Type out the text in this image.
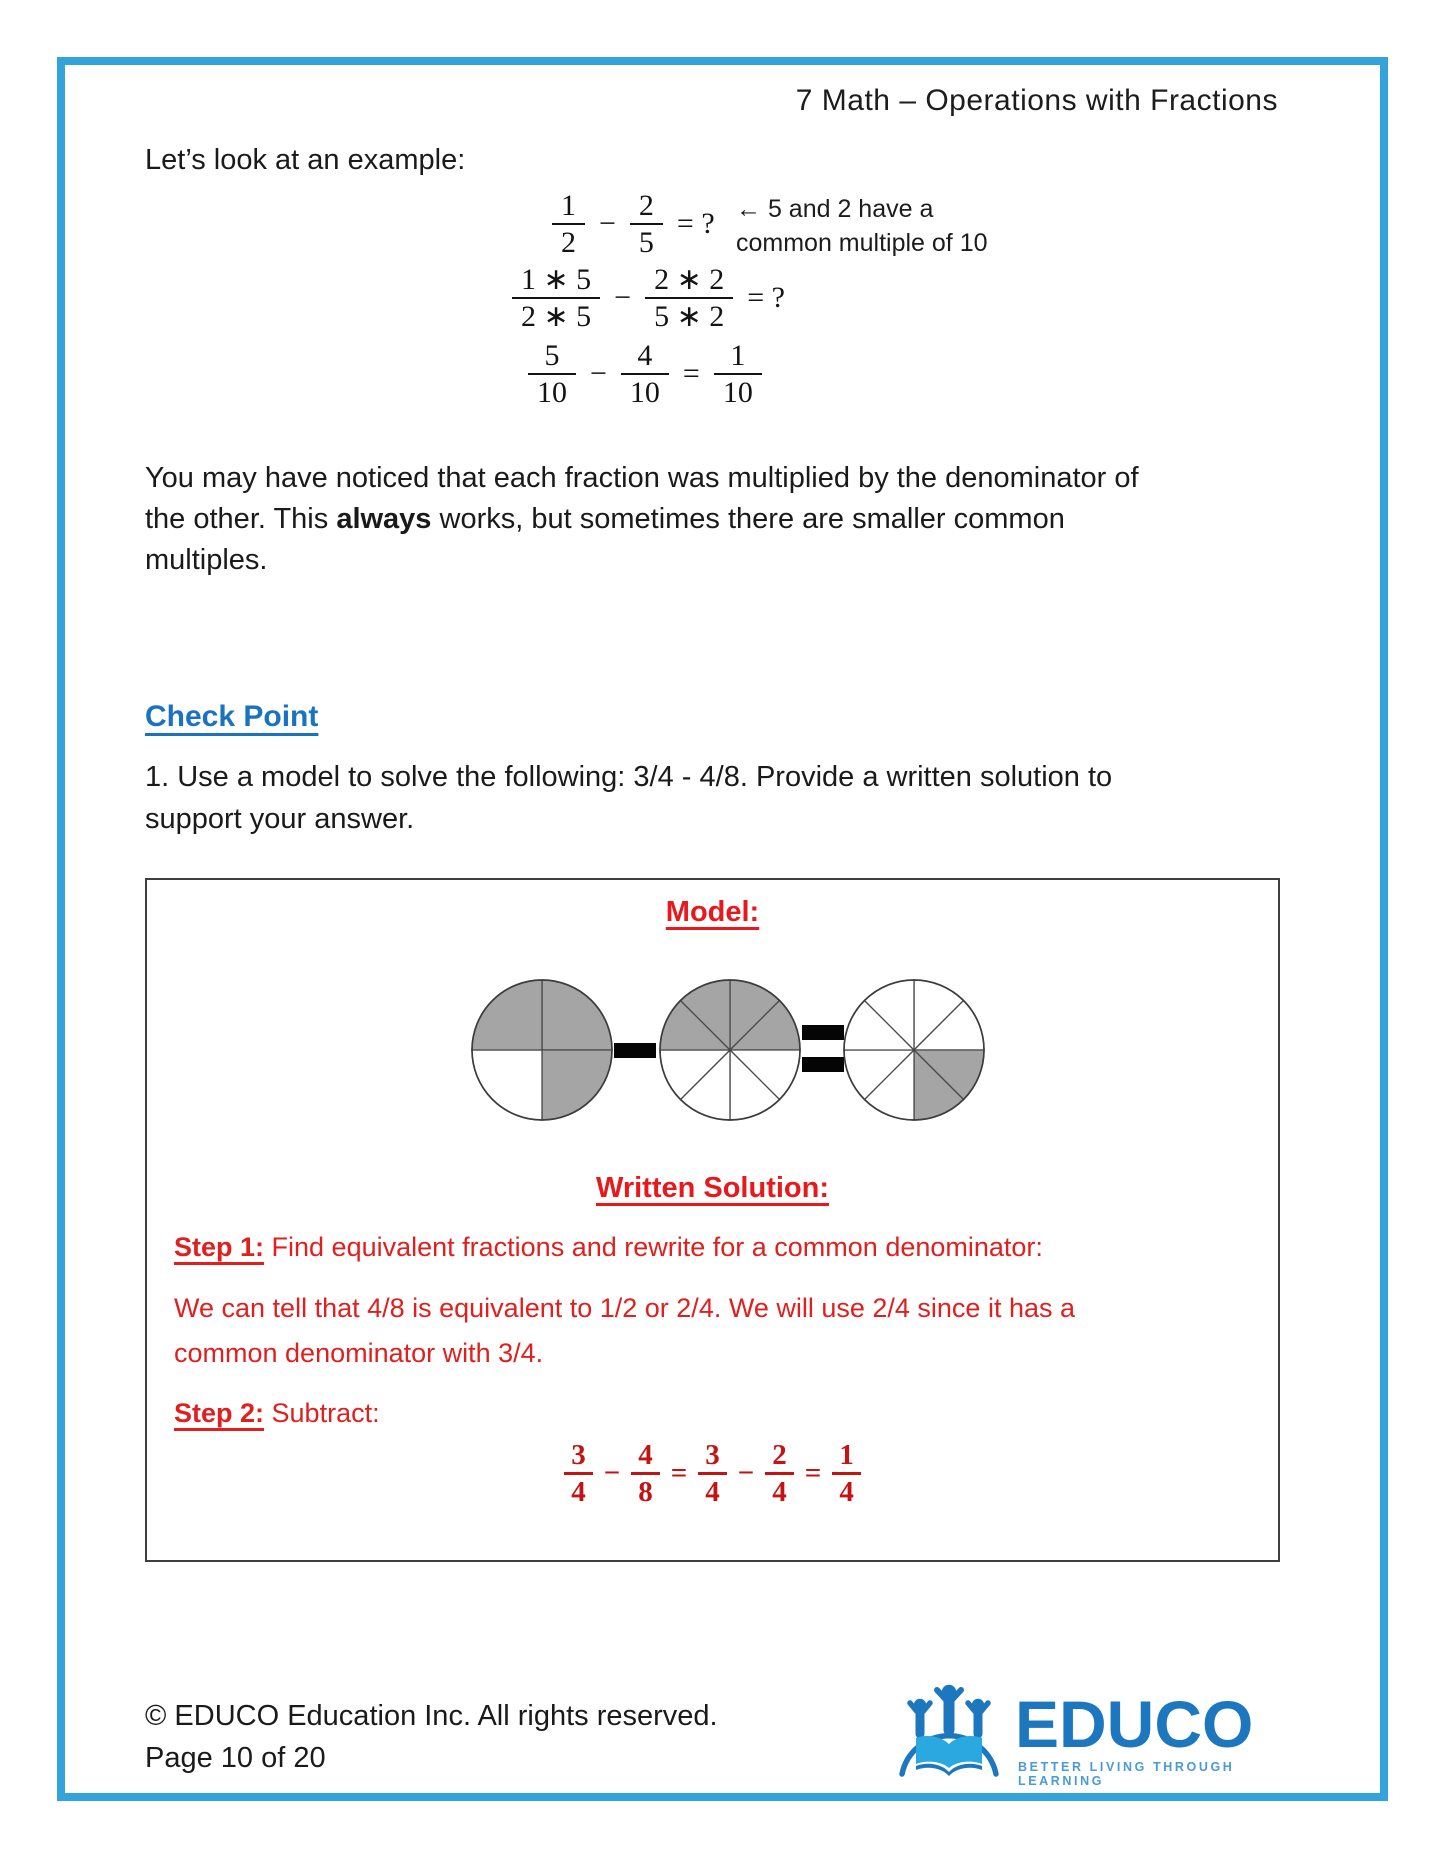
7 Math – Operations with Fractions
Let’s look at an example:
$\frac{1}{2} - \frac{2}{5}$ = ? ← 5 and 2 have a
common multiple of 10
$\frac{1 ∗ 5}{2 ∗ 5} - \frac{2 ∗ 2}{5 ∗ 2}$ = ?
$\frac{5}{10} - \frac{4}{10} = \frac{1}{10}$
You may have noticed that each fraction was multiplied by the denominator of the other. This always works, but sometimes there are smaller common multiples.
Check Point
1. Use a model to solve the following: 3/4 - 4/8. Provide a written solution to support your answer.
Model:
Written Solution:
Step 1: Find equivalent fractions and rewrite for a common denominator:
We can tell that 4/8 is equivalent to 1/2 or 2/4. We will use 2/4 since it has a common denominator with 3/4.
Step 2: Subtract:
$\frac{3}{4} - \frac{4}{8} = \frac{3}{4} - \frac{2}{4} = \frac{1}{4}$
© EDUCO Education Inc. All rights reserved.
Page 10 of 20	EDUCO
BETTER LIVING THROUGH LEARNING
